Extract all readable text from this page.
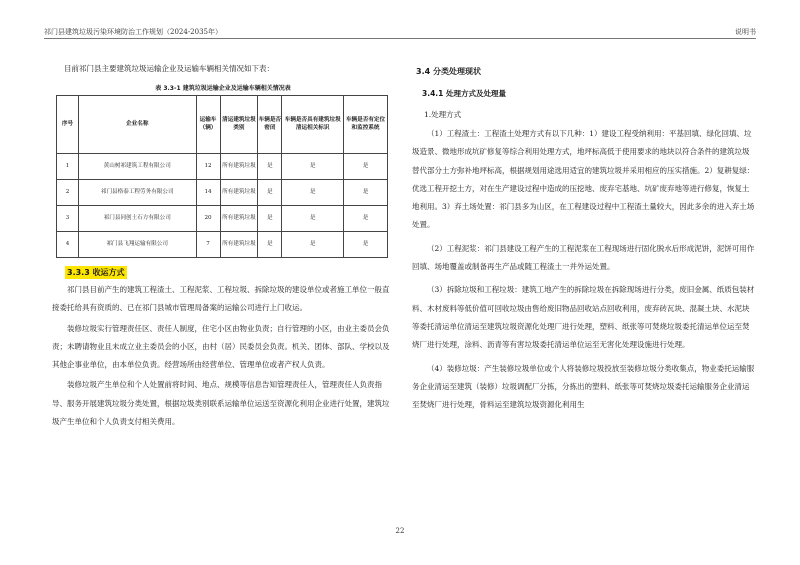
祁门县建筑垃圾污染环境防治工作规划（2024-2035年）	说明书
目前祁门县主要建筑垃圾运输企业及运输车辆相关情况如下表：
表 3.3-1 建筑垃圾运输企业及运输车辆相关情况表
序号	企业名称	运输车（辆）	清运建筑垃圾类别	车辆是否密闭	车辆是否具有建筑垃圾清运相关标识	车辆是否有定位和监控系统
1	黄山树祁建筑工程有限公司	12	所有建筑垃圾	是	是	是
2	祁门县格泰工程劳务有限公司	14	所有建筑垃圾	是	是	是
3	祁门县同创土石方有限公司	20	所有建筑垃圾	是	是	是
4	祁门县飞翔运输有限公司	7	所有建筑垃圾	是	是	是
3.3.3 收运方式

祁门县目前产生的建筑工程渣土、工程泥浆、工程垃圾、拆除垃圾的建设单位或者施工单位一般直接委托给具有资质的、已在祁门县城市管理局备案的运输公司进行上门收运。

装修垃圾实行管理责任区、责任人制度，住宅小区由物业负责；自行管理的小区，由业主委员会负责；未聘请物业且未成立业主委员会的小区，由村（居）民委员会负责。机关、团体、部队、学校以及其他企事业单位，由本单位负责。经营场所由经营单位、管理单位或者产权人负责。

装修垃圾产生单位和个人处置前将时间、地点、规模等信息告知管理责任人，管理责任人负责指导、服务开展建筑垃圾分类处置，根据垃圾类别联系运输单位运送至资源化利用企业进行处置，建筑垃圾产生单位和个人负责支付相关费用。

3.4 分类处理现状
3.4.1 处理方式及处理量
1.处理方式

（1）工程渣土：工程渣土处理方式有以下几种：1）建设工程受纳利用：平基回填、绿化回填、垃圾造景、微地形成坑矿修复等综合利用处理方式，地坪标高低于使用要求的地块以符合条件的建筑垃圾替代部分土方弥补地坪标高，根据规划用途选用适宜的建筑垃圾并采用相应的压实措施。2）复耕复绿：优选工程开挖土方，对在生产建设过程中造成的压挖地、废弃宅基地、坑矿废弃地等进行修复，恢复土地利用。3）弃土场处置：祁门县多为山区，在工程建设过程中工程渣土量较大，因此多余的进入弃土场处置。

（2）工程泥浆：祁门县建设工程产生的工程泥浆在工程现场进行固化脱水后形成泥饼，泥饼可用作回填、场地覆盖或制备再生产品或随工程渣土一并外运处置。

（3）拆除垃圾和工程垃圾：建筑工地产生的拆除垃圾在拆除现场进行分类，废旧金属、纸质包装材料、木材废料等低价值可回收垃圾由售给废旧物品回收站点回收利用，废弃砖瓦块、混凝土块、水泥块等委托清运单位清运至建筑垃圾资源化处理厂进行处理，塑料、纸张等可焚烧垃圾委托清运单位运至焚烧厂进行处理，涂料、沥青等有害垃圾委托清运单位运至无害化处理设施进行处理。

（4）装修垃圾：产生装修垃圾单位或个人将装修垃圾投放至装修垃圾分类收集点，物业委托运输服务企业清运至建筑（装修）垃圾调配厂分拣，分拣出的塑料、纸张等可焚烧垃圾委托运输服务企业清运至焚烧厂进行处理，骨料运至建筑垃圾资源化利用生

22
